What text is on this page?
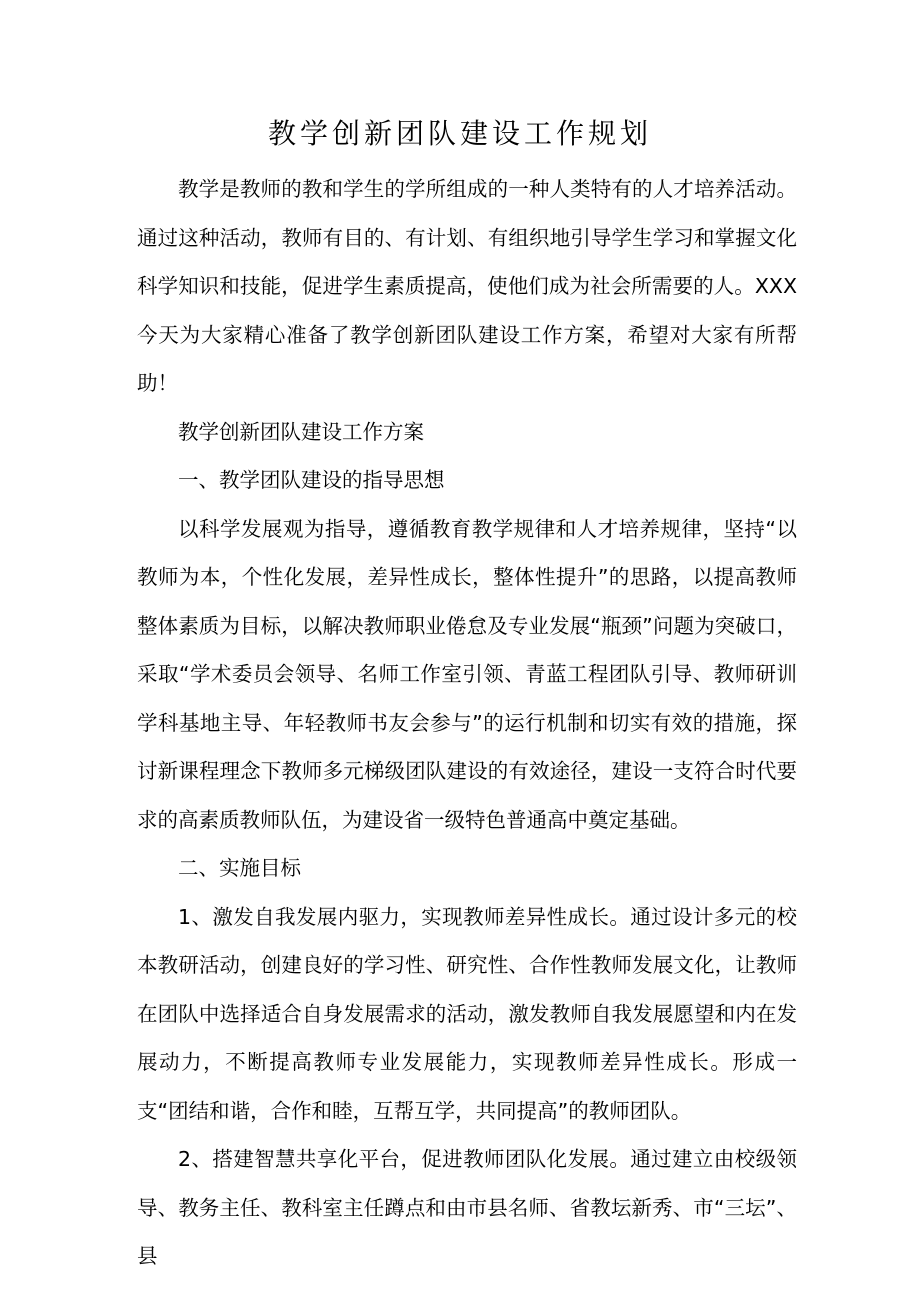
教学创新团队建设工作规划

教学是教师的教和学生的学所组成的一种人类特有的人才培养活动。通过这种活动，教师有目的、有计划、有组织地引导学生学习和掌握文化科学知识和技能，促进学生素质提高，使他们成为社会所需要的人。XXX今天为大家精心准备了教学创新团队建设工作方案，希望对大家有所帮助！

教学创新团队建设工作方案

一、教学团队建设的指导思想

以科学发展观为指导，遵循教育教学规律和人才培养规律，坚持“以教师为本，个性化发展，差异性成长，整体性提升”的思路，以提高教师整体素质为目标，以解决教师职业倦怠及专业发展“瓶颈”问题为突破口，采取“学术委员会领导、名师工作室引领、青蓝工程团队引导、教师研训学科基地主导、年轻教师书友会参与”的运行机制和切实有效的措施，探讨新课程理念下教师多元梯级团队建设的有效途径，建设一支符合时代要求的高素质教师队伍，为建设省一级特色普通高中奠定基础。

二、实施目标

1、激发自我发展内驱力，实现教师差异性成长。通过设计多元的校本教研活动，创建良好的学习性、研究性、合作性教师发展文化，让教师在团队中选择适合自身发展需求的活动，激发教师自我发展愿望和内在发展动力，不断提高教师专业发展能力，实现教师差异性成长。形成一支“团结和谐，合作和睦，互帮互学，共同提高”的教师团队。

2、搭建智慧共享化平台，促进教师团队化发展。通过建立由校级领导、教务主任、教科室主任蹲点和由市县名师、省教坛新秀、市“三坛”、县
